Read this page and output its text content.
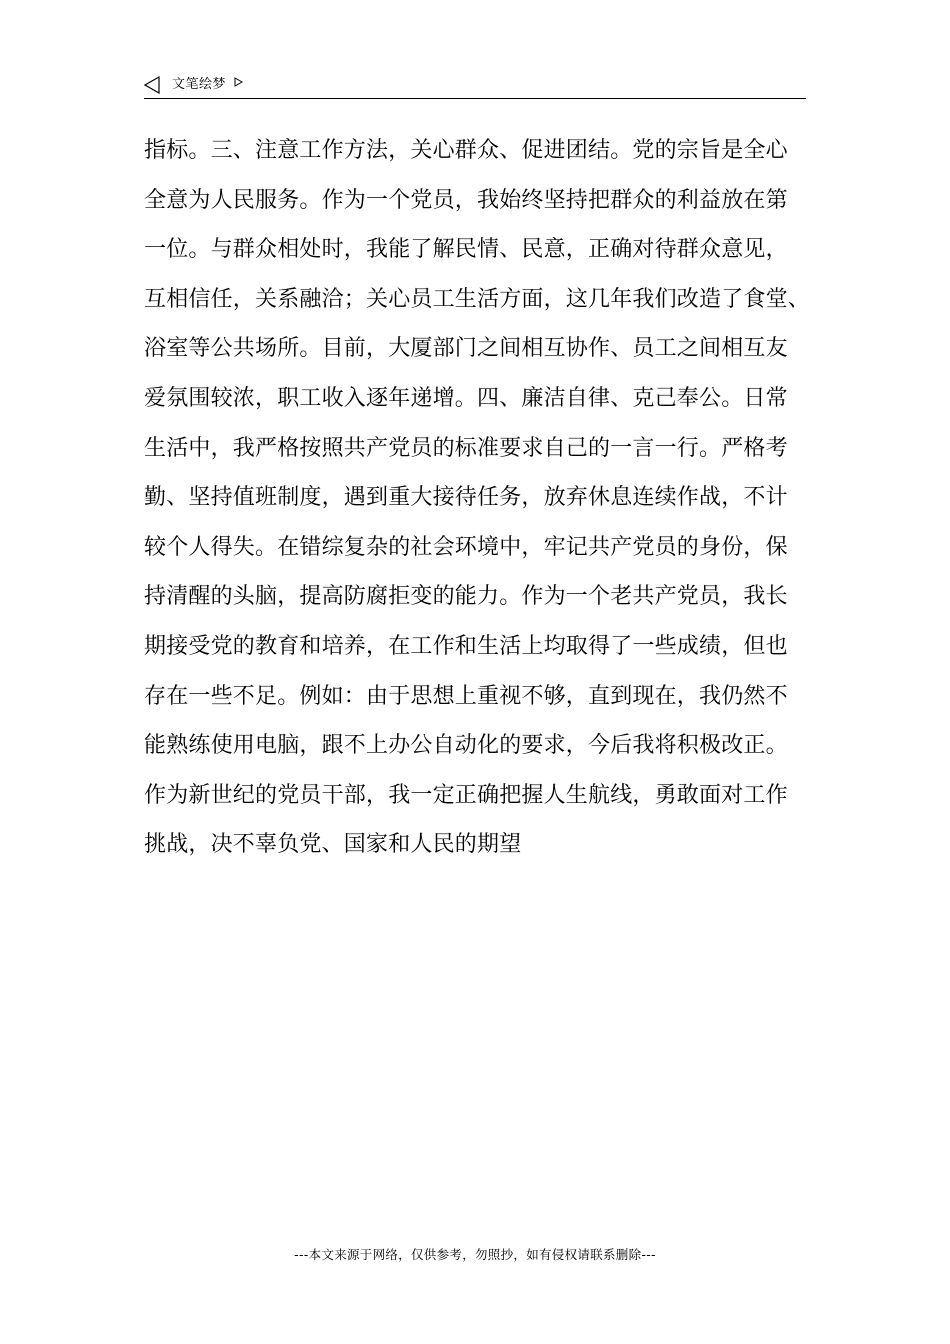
文笔绘梦
指标。三、注意工作方法，关心群众、促进团结。党的宗旨是全心
全意为人民服务。作为一个党员，我始终坚持把群众的利益放在第
一位。与群众相处时，我能了解民情、民意，正确对待群众意见，
互相信任，关系融洽；关心员工生活方面，这几年我们改造了食堂、
浴室等公共场所。目前，大厦部门之间相互协作、员工之间相互友
爱氛围较浓，职工收入逐年递增。四、廉洁自律、克己奉公。日常
生活中，我严格按照共产党员的标准要求自己的一言一行。严格考
勤、坚持值班制度，遇到重大接待任务，放弃休息连续作战，不计
较个人得失。在错综复杂的社会环境中，牢记共产党员的身份，保
持清醒的头脑，提高防腐拒变的能力。作为一个老共产党员，我长
期接受党的教育和培养，在工作和生活上均取得了一些成绩，但也
存在一些不足。例如：由于思想上重视不够，直到现在，我仍然不
能熟练使用电脑，跟不上办公自动化的要求，今后我将积极改正。
作为新世纪的党员干部，我一定正确把握人生航线，勇敢面对工作
挑战，决不辜负党、国家和人民的期望
---本文来源于网络，仅供参考，勿照抄，如有侵权请联系删除---
